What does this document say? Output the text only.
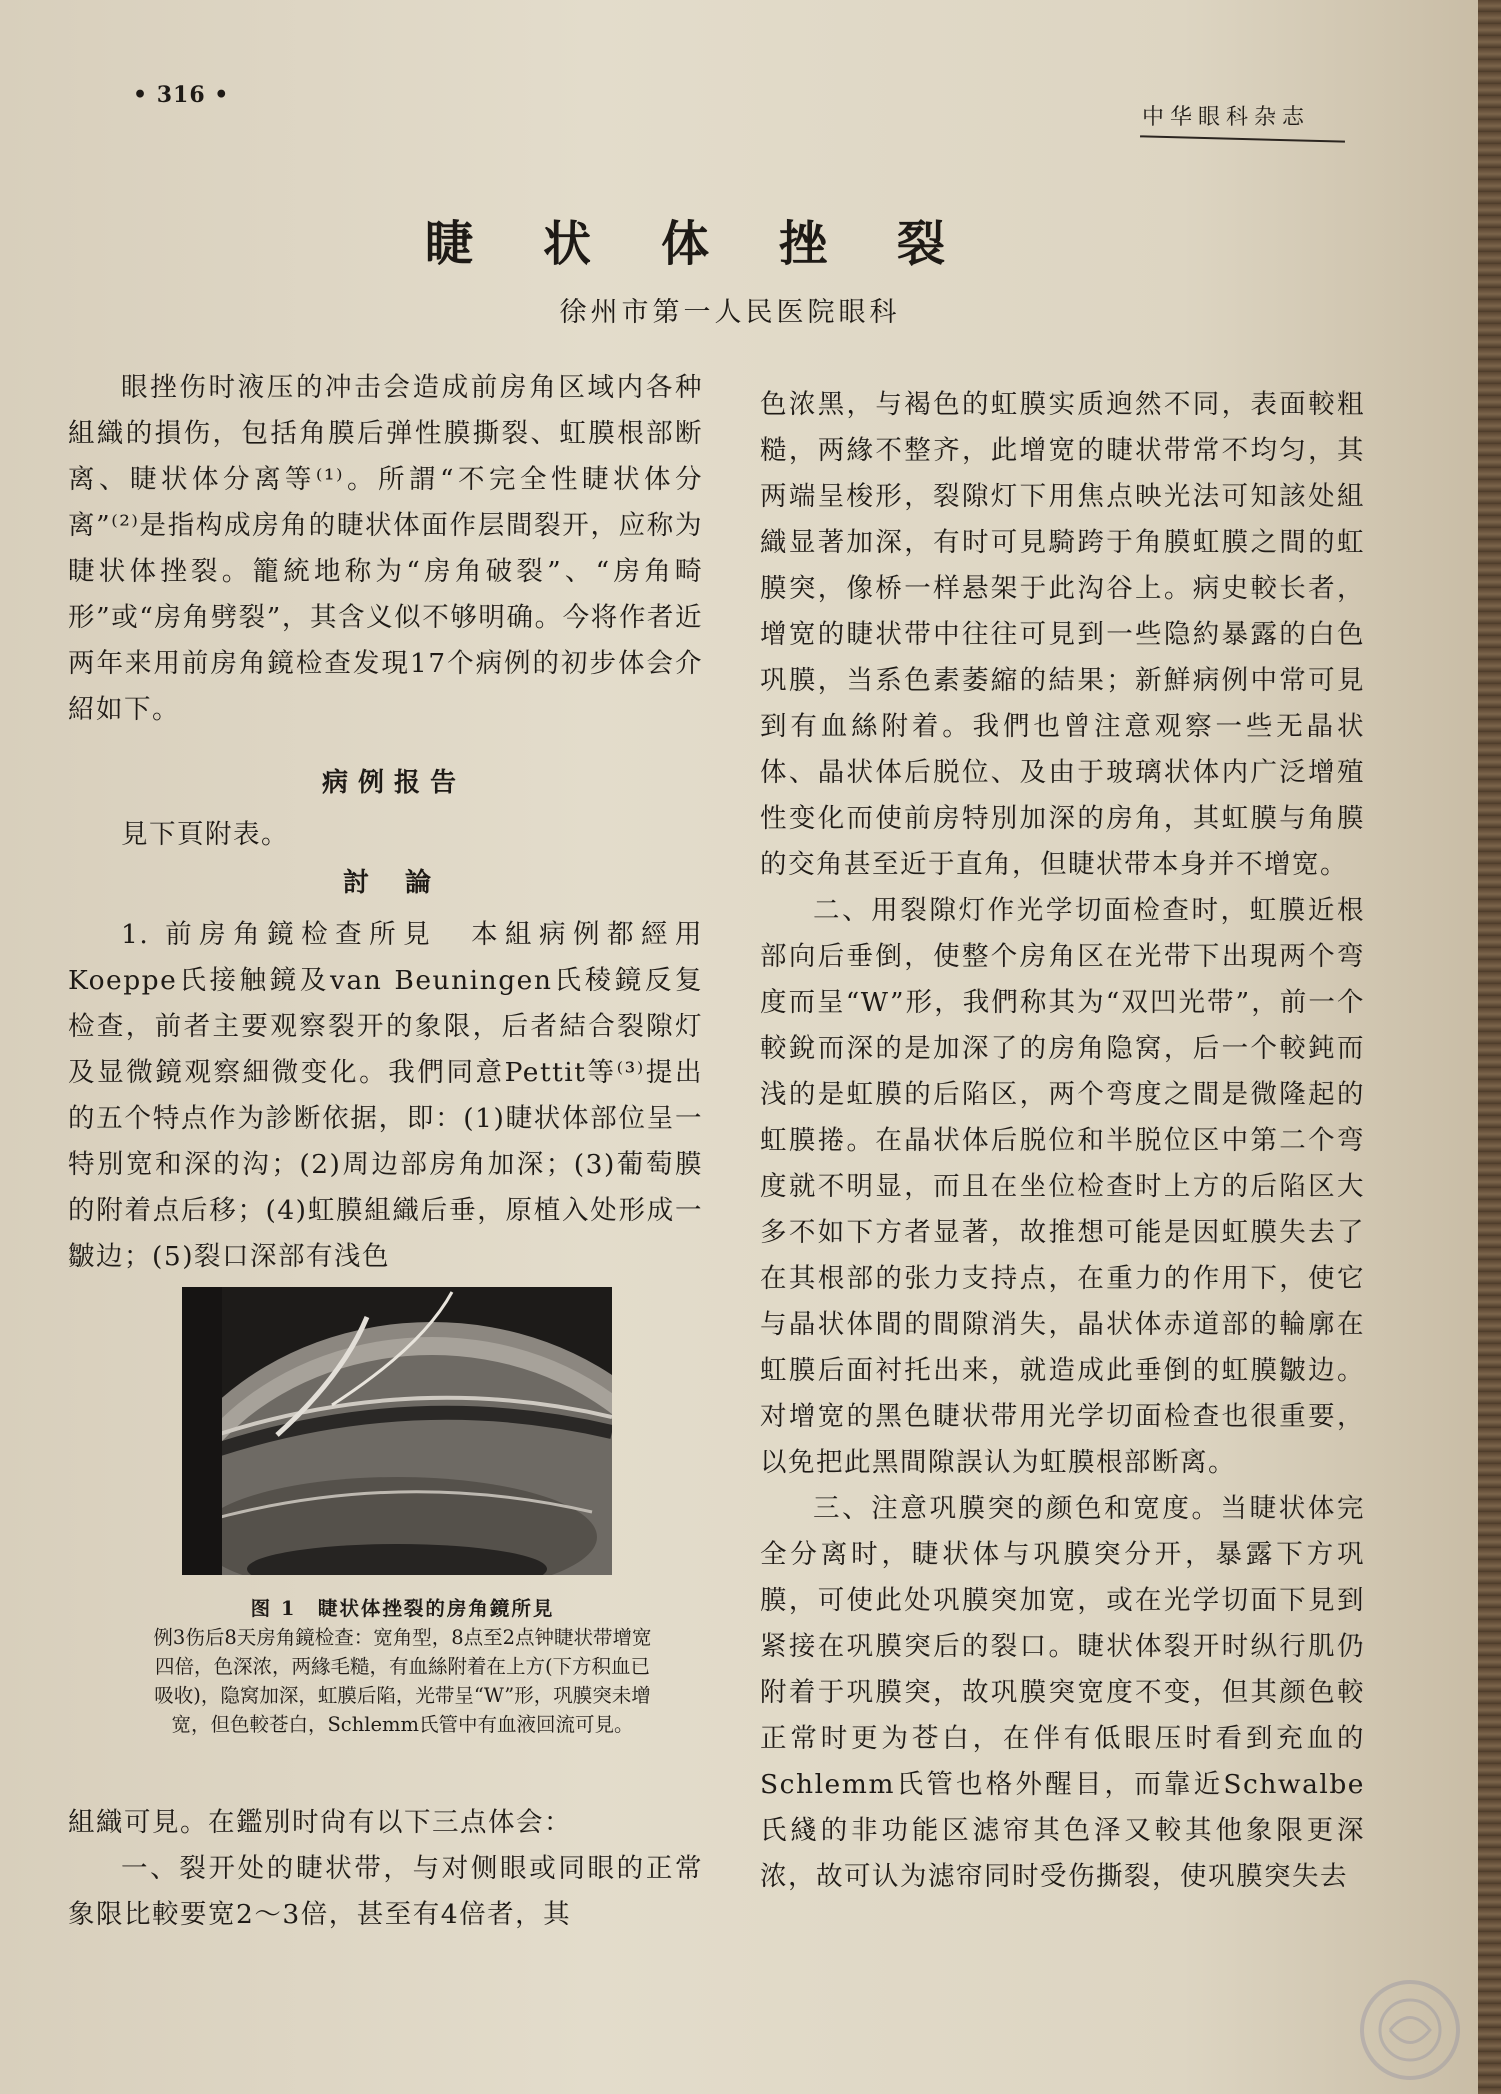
• 316 •
中华眼科杂志
睫状体挫裂
徐州市第一人民医院眼科

眼挫伤时液压的冲击会造成前房角区域内各种組織的損伤，包括角膜后弹性膜撕裂、虹膜根部断离、睫状体分离等⁽¹⁾。所謂“不完全性睫状体分离”⁽²⁾是指构成房角的睫状体面作层間裂开，应称为睫状体挫裂。籠統地称为“房角破裂”、“房角畸形”或“房角劈裂”，其含义似不够明确。今将作者近两年来用前房角鏡检查发現17个病例的初步体会介紹如下。

病例报告

見下頁附表。

討論

1. 前房角鏡检查所見　本組病例都經用Koeppe氏接触鏡及van Beuningen氏稜鏡反复检查，前者主要观察裂开的象限，后者結合裂隙灯及显微鏡观察細微变化。我們同意Pettit等⁽³⁾提出的五个特点作为診断依据，即：(1)睫状体部位呈一特別宽和深的沟；(2)周边部房角加深；(3)葡萄膜的附着点后移；(4)虹膜組織后垂，原植入处形成一皺边；(5)裂口深部有浅色

图 1　睫状体挫裂的房角鏡所見
例3伤后8天房角鏡检查：宽角型，8点至2点钟睫状带增宽四倍，色深浓，两緣毛糙，有血絲附着在上方(下方积血已吸收)，隐窝加深，虹膜后陷，光带呈“W”形，巩膜突未增宽，但色較苍白，Schlemm氏管中有血液回流可見。

組織可見。在鑑別时尙有以下三点体会：

一、裂开处的睫状带，与对侧眼或同眼的正常象限比較要宽2～3倍，甚至有4倍者，其

色浓黑，与褐色的虹膜实质逈然不同，表面較粗糙，两緣不整齐，此增宽的睫状带常不均匀，其两端呈梭形，裂隙灯下用焦点映光法可知該处組織显著加深，有时可見騎跨于角膜虹膜之間的虹膜突，像桥一样悬架于此沟谷上。病史較长者，增宽的睫状带中往往可見到一些隐約暴露的白色巩膜，当系色素萎縮的結果；新鮮病例中常可見到有血絲附着。我們也曾注意观察一些无晶状体、晶状体后脱位、及由于玻璃状体内广泛增殖性变化而使前房特別加深的房角，其虹膜与角膜的交角甚至近于直角，但睫状带本身并不增宽。

二、用裂隙灯作光学切面检查时，虹膜近根部向后垂倒，使整个房角区在光带下出現两个弯度而呈“W”形，我們称其为“双凹光带”，前一个較銳而深的是加深了的房角隐窝，后一个較鈍而浅的是虹膜的后陷区，两个弯度之間是微隆起的虹膜捲。在晶状体后脱位和半脱位区中第二个弯度就不明显，而且在坐位检查时上方的后陷区大多不如下方者显著，故推想可能是因虹膜失去了在其根部的张力支持点，在重力的作用下，使它与晶状体間的間隙消失，晶状体赤道部的輪廓在虹膜后面衬托出来，就造成此垂倒的虹膜皺边。对增宽的黑色睫状带用光学切面检查也很重要，以免把此黑間隙誤认为虹膜根部断离。

三、注意巩膜突的颜色和宽度。当睫状体完全分离时，睫状体与巩膜突分开，暴露下方巩膜，可使此处巩膜突加宽，或在光学切面下見到紧接在巩膜突后的裂口。睫状体裂开时纵行肌仍附着于巩膜突，故巩膜突宽度不变，但其颜色較正常时更为苍白，在伴有低眼压时看到充血的Schlemm氏管也格外醒目，而靠近Schwalbe氏綫的非功能区滤帘其色泽又較其他象限更深浓，故可认为滤帘同时受伤撕裂，使巩膜突失去
